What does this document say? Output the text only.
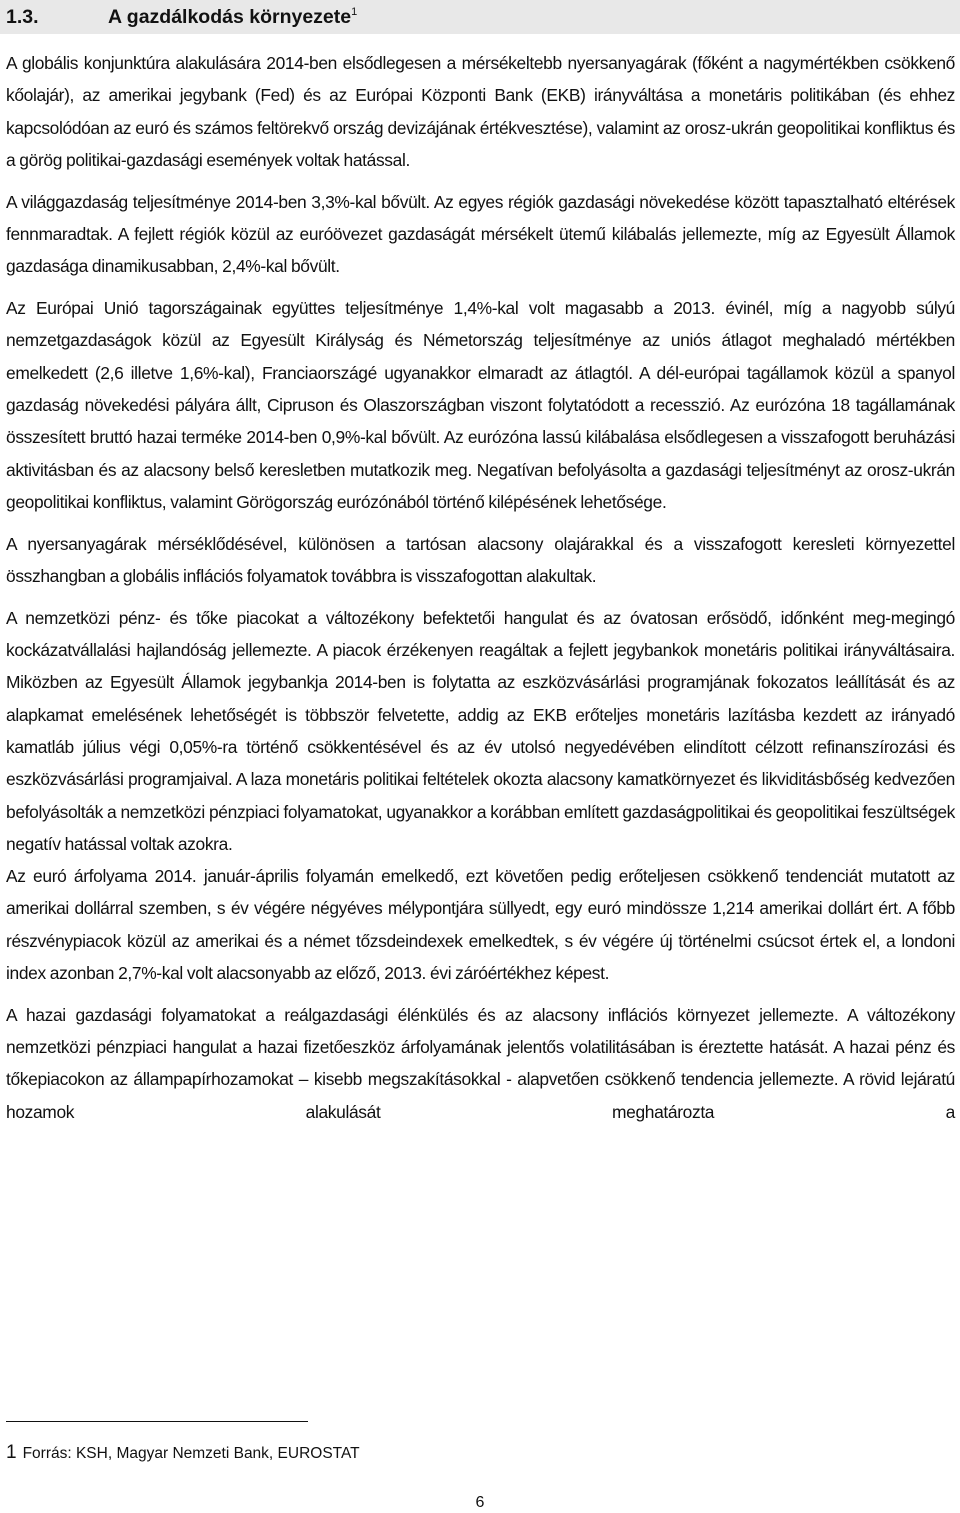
1.3.	A gazdálkodás környezete$^1$

A globális konjunktúra alakulására 2014-ben elsődlegesen a mérsékeltebb nyersanyagárak (főként a nagymértékben csökkenő kőolajár), az amerikai jegybank (Fed) és az Európai Központi Bank (EKB) irányváltása a monetáris politikában (és ehhez kapcsolódóan az euró és számos feltörekvő ország devizájának értékvesztése), valamint az orosz-ukrán geopolitikai konfliktus és a görög politikai-gazdasági események voltak hatással.

A világgazdaság teljesítménye 2014-ben 3,3%-kal bővült. Az egyes régiók gazdasági növekedése között tapasztalható eltérések fennmaradtak. A fejlett régiók közül az euróövezet gazdaságát mérsékelt ütemű kilábalás jellemezte, míg az Egyesült Államok gazdasága dinamikusabban, 2,4%-kal bővült.

Az Európai Unió tagországainak együttes teljesítménye 1,4%-kal volt magasabb a 2013. évinél, míg a nagyobb súlyú nemzetgazdaságok közül az Egyesült Királyság és Németország teljesítménye az uniós átlagot meghaladó mértékben emelkedett (2,6 illetve 1,6%-kal), Franciaországé ugyanakkor elmaradt az átlagtól. A dél-európai tagállamok közül a spanyol gazdaság növekedési pályára állt, Cipruson és Olaszországban viszont folytatódott a recesszió. Az eurózóna 18 tagállamának összesített bruttó hazai terméke 2014-ben 0,9%-kal bővült. Az eurózóna lassú kilábalása elsődlegesen a visszafogott beruházási aktivitásban és az alacsony belső keresletben mutatkozik meg. Negatívan befolyásolta a gazdasági teljesítményt az orosz-ukrán geopolitikai konfliktus, valamint Görögország eurózónából történő kilépésének lehetősége.

A nyersanyagárak mérséklődésével, különösen a tartósan alacsony olajárakkal és a visszafogott keresleti környezettel összhangban a globális inflációs folyamatok továbbra is visszafogottan alakultak.

A nemzetközi pénz- és tőke piacokat a változékony befektetői hangulat és az óvatosan erősödő, időnként meg-megingó kockázatvállalási hajlandóság jellemezte. A piacok érzékenyen reagáltak a fejlett jegybankok monetáris politikai irányváltásaira. Miközben az Egyesült Államok jegybankja 2014-ben is folytatta az eszközvásárlási programjának fokozatos leállítását és az alapkamat emelésének lehetőségét is többször felvetette, addig az EKB erőteljes monetáris lazításba kezdett az irányadó kamatláb július végi 0,05%-ra történő csökkentésével és az év utolsó negyedévében elindított célzott refinanszírozási és eszközvásárlási programjaival. A laza monetáris politikai feltételek okozta alacsony kamatkörnyezet és likviditásbőség kedvezően befolyásolták a nemzetközi pénzpiaci folyamatokat, ugyanakkor a korábban említett gazdaságpolitikai és geopolitikai feszültségek negatív hatással voltak azokra.

Az euró árfolyama 2014. január-április folyamán emelkedő, ezt követően pedig erőteljesen csökkenő tendenciát mutatott az amerikai dollárral szemben, s év végére négyéves mélypontjára süllyedt, egy euró mindössze 1,214 amerikai dollárt ért. A főbb részvénypiacok közül az amerikai és a német tőzsdeindexek emelkedtek, s év végére új történelmi csúcsot értek el, a londoni index azonban 2,7%-kal volt alacsonyabb az előző, 2013. évi záróértékhez képest.

A hazai gazdasági folyamatokat a reálgazdasági élénkülés és az alacsony inflációs környezet jellemezte. A változékony nemzetközi pénzpiaci hangulat a hazai fizetőeszköz árfolyamának jelentős volatilitásában is éreztette hatását. A hazai pénz és tőkepiacokon az állampapírhozamokat – kisebb megszakításokkal - alapvetően csökkenő tendencia jellemezte. A rövid lejáratú hozamok alakulását meghatározta a

1 Forrás: KSH, Magyar Nemzeti Bank, EUROSTAT
6
